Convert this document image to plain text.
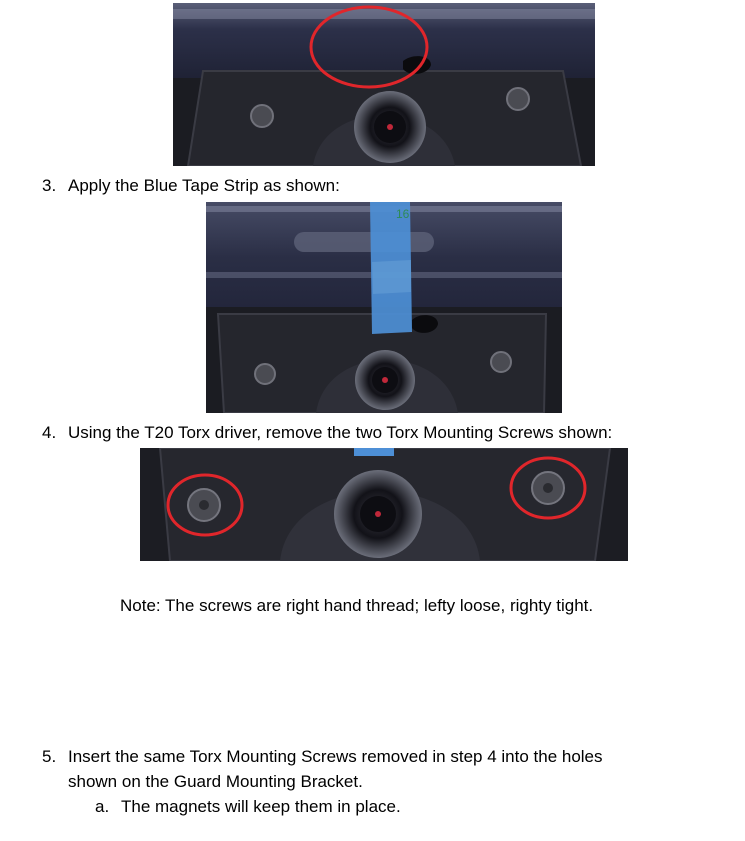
3. Apply the Blue Tape Strip as shown:
16
4. Using the T20 Torx driver, remove the two Torx Mounting Screws shown:
Note: The screws are right hand thread; lefty loose, righty tight.
5. Insert the same Torx Mounting Screws removed in step 4 into the holes
shown on the Guard Mounting Bracket.
a. The magnets will keep them in place.
